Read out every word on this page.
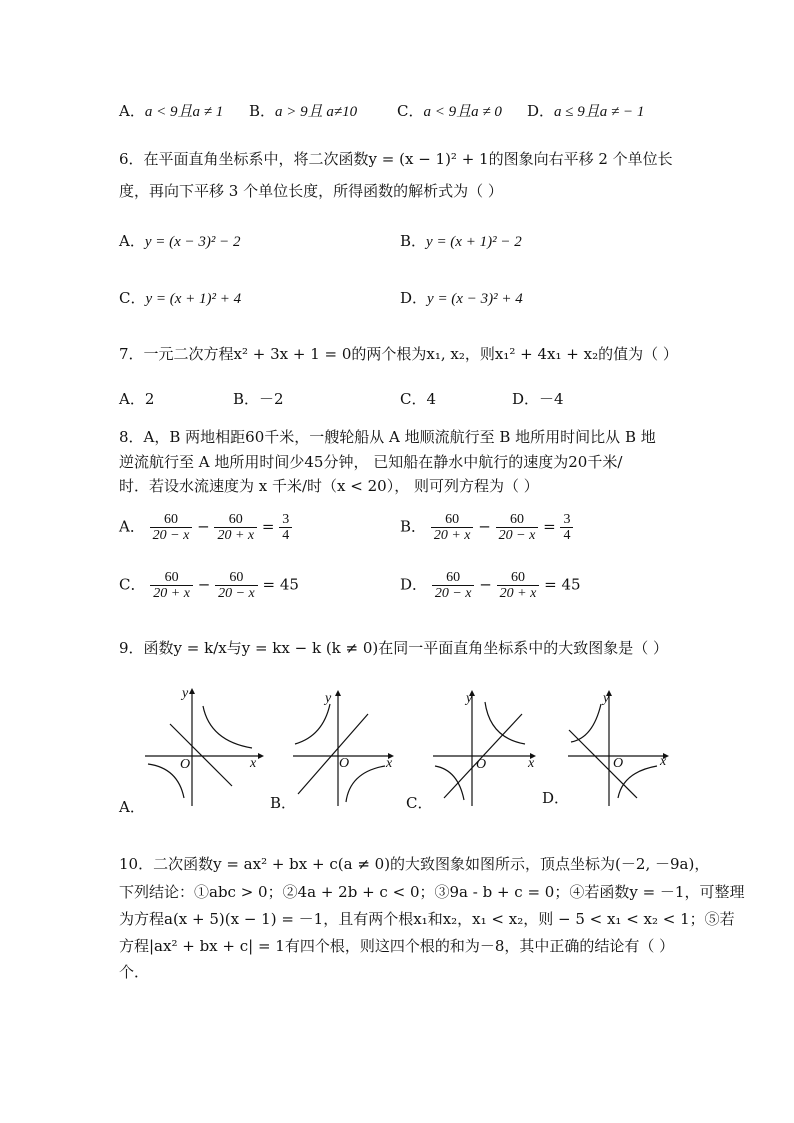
A．a < 9且a ≠ 1 B．a > 9且 a≠10	C．a < 9且a ≠ 0 D．a ≤ 9且a ≠ − 1
6．在平面直角坐标系中，将二次函数y = (x − 1)² + 1的图象向右平移 2 个单位长
度，再向下平移 3 个单位长度，所得函数的解析式为（ ）
A．y = (x − 3)² − 2	B．y = (x + 1)² − 2
C．y = (x + 1)² + 4	D．y = (x − 3)² + 4
7．一元二次方程x² + 3x + 1 = 0的两个根为x₁, x₂，则x₁² + 4x₁ + x₂的值为（ ）
A．2	B．－2	C．4	D．－4
8．A，B 两地相距60千米，一艘轮船从 A 地顺流航行至 B 地所用时间比从 B 地
逆流航行至 A 地所用时间少45分钟， 已知船在静水中航行的速度为20千米/
时．若设水流速度为 x 千米/时（x < 20）， 则可列方程为（ ）
A． $\frac{60}{20 - x} - \frac{60}{20 + x} = \frac{3}{4}$	B． $\frac{60}{20 + x} - \frac{60}{20 - x} = \frac{3}{4}$
C． $\frac{60}{20 + x} - \frac{60}{20 - x} = 45$	D． $\frac{60}{20 - x} - \frac{60}{20 + x} = 45$
9．函数y = k/x与y = kx − k (k ≠ 0)在同一平面直角坐标系中的大致图象是（ ）
y
x
O
A．
y
x
O
B．
y
x
O
C．
y
x
O
D．
10．二次函数y = ax² + bx + c(a ≠ 0)的大致图象如图所示，顶点坐标为(－2, －9a)，
下列结论：①abc > 0；②4a + 2b + c < 0；③9a - b + c = 0；④若函数y = －1，可整理
为方程a(x + 5)(x − 1) = －1，且有两个根x₁和x₂，x₁ < x₂，则 − 5 < x₁ < x₂ < 1；⑤若
方程|ax² + bx + c| = 1有四个根，则这四个根的和为－8，其中正确的结论有（ ）
个．
